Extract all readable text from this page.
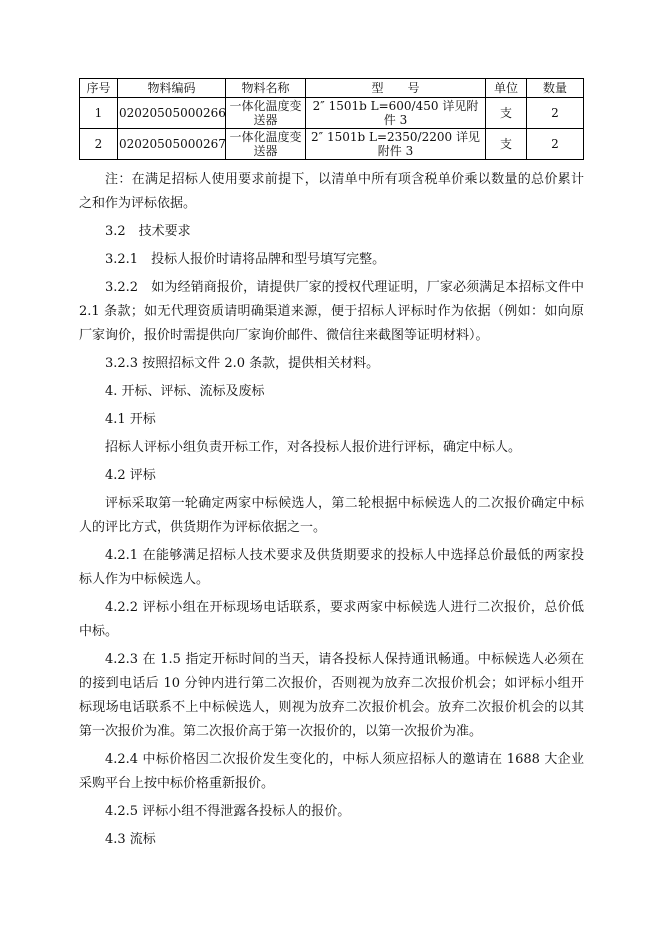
序号	物料编码	物料名称	型　　号	单位	数量
1	02020505000266	一体化温度变送器	2″ 1501b L=600/450 详见附件 3	支	2
2	02020505000267	一体化温度变送器	2″ 1501b L=2350/2200 详见附件 3	支	2

注：在满足招标人使用要求前提下，以清单中所有项含税单价乘以数量的总价累计之和作为评标依据。

3.2　技术要求

3.2.1　投标人报价时请将品牌和型号填写完整。

3.2.2　如为经销商报价，请提供厂家的授权代理证明，厂家必须满足本招标文件中 2.1 条款；如无代理资质请明确渠道来源，便于招标人评标时作为依据（例如：如向原厂家询价，报价时需提供向厂家询价邮件、微信往来截图等证明材料）。

3.2.3 按照招标文件 2.0 条款，提供相关材料。

4. 开标、评标、流标及废标

4.1 开标

招标人评标小组负责开标工作，对各投标人报价进行评标，确定中标人。

4.2 评标

评标采取第一轮确定两家中标候选人，第二轮根据中标候选人的二次报价确定中标人的评比方式，供货期作为评标依据之一。

4.2.1 在能够满足招标人技术要求及供货期要求的投标人中选择总价最低的两家投标人作为中标候选人。

4.2.2 评标小组在开标现场电话联系，要求两家中标候选人进行二次报价，总价低中标。

4.2.3 在 1.5 指定开标时间的当天，请各投标人保持通讯畅通。中标候选人必须在的接到电话后 10 分钟内进行第二次报价，否则视为放弃二次报价机会；如评标小组开标现场电话联系不上中标候选人，则视为放弃二次报价机会。放弃二次报价机会的以其第一次报价为准。第二次报价高于第一次报价的，以第一次报价为准。

4.2.4 中标价格因二次报价发生变化的，中标人须应招标人的邀请在 1688 大企业采购平台上按中标价格重新报价。

4.2.5 评标小组不得泄露各投标人的报价。

4.3 流标
